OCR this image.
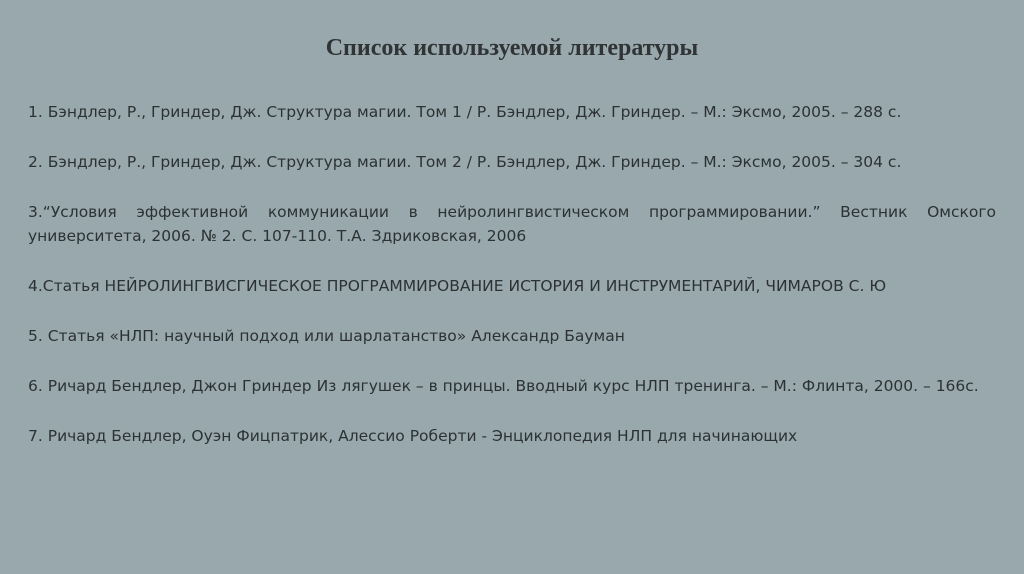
Список используемой литературы

1. Бэндлер, Р., Гриндер, Дж. Структура магии. Том 1 / Р. Бэндлер, Дж. Гриндер. – М.: Эксмо, 2005. – 288 с.

2. Бэндлер, Р., Гриндер, Дж. Структура магии. Том 2 / Р. Бэндлер, Дж. Гриндер. – М.: Эксмо, 2005. – 304 с.

3.“Условия эффективной коммуникации в нейролингвистическом программировании.” Вестник Омского университета, 2006. № 2. С. 107-110. Т.А. Здриковская, 2006

4.Статья НЕЙРОЛИНГВИСГИЧЕСКОЕ ПРОГРАММИРОВАНИЕ ИСТОРИЯ И ИНСТРУМЕНТАРИЙ, ЧИМАРОВ С. Ю

5. Статья «НЛП: научный подход или шарлатанство» Александр Бауман

6. Ричард Бендлер, Джон Гриндер Из лягушек – в принцы. Вводный курс НЛП тренинга. – М.: Флинта, 2000. – 166с.

7. Ричард Бендлер, Оуэн Фицпатрик, Алессио Роберти - Энциклопедия НЛП для начинающих
